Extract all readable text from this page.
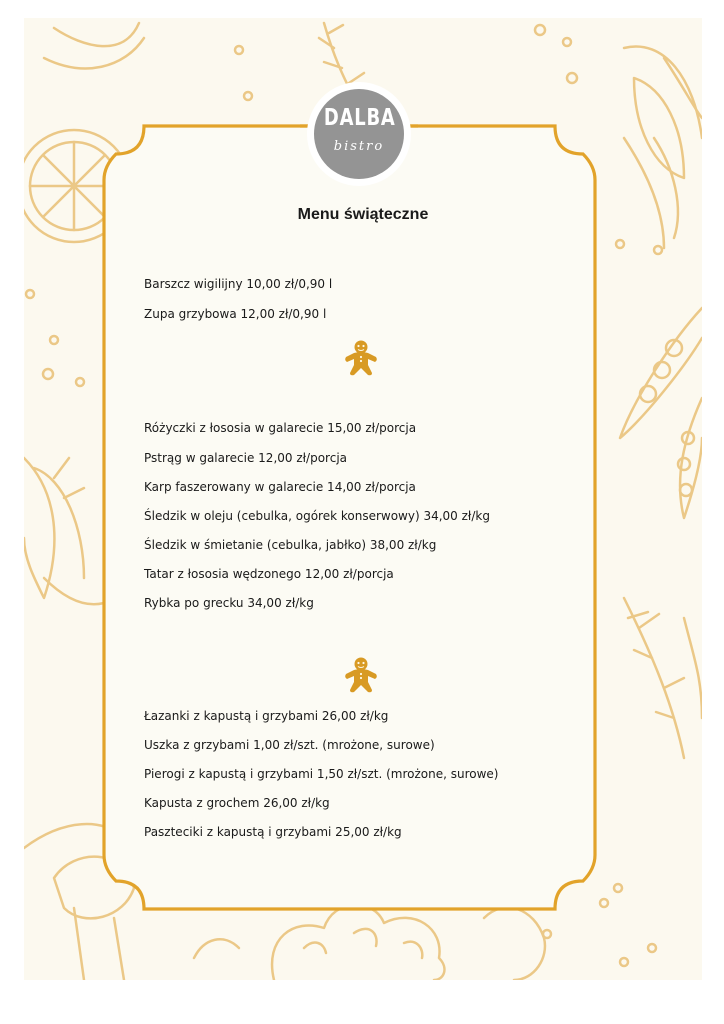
DALBA
bistro
Menu świąteczne
Barszcz wigilijny 10,00 zł/0,90 l
Zupa grzybowa 12,00 zł/0,90 l
Różyczki z łososia w galarecie 15,00 zł/porcja
Pstrąg w galarecie 12,00 zł/porcja
Karp faszerowany w galarecie 14,00 zł/porcja
Śledzik w oleju (cebulka, ogórek konserwowy) 34,00 zł/kg
Śledzik w śmietanie (cebulka, jabłko) 38,00 zł/kg
Tatar z łososia wędzonego 12,00 zł/porcja
Rybka po grecku 34,00 zł/kg
Łazanki z kapustą i grzybami 26,00 zł/kg
Uszka z grzybami 1,00 zł/szt. (mrożone, surowe)
Pierogi z kapustą i grzybami 1,50 zł/szt. (mrożone, surowe)
Kapusta z grochem 26,00 zł/kg
Paszteciki z kapustą i grzybami 25,00 zł/kg
